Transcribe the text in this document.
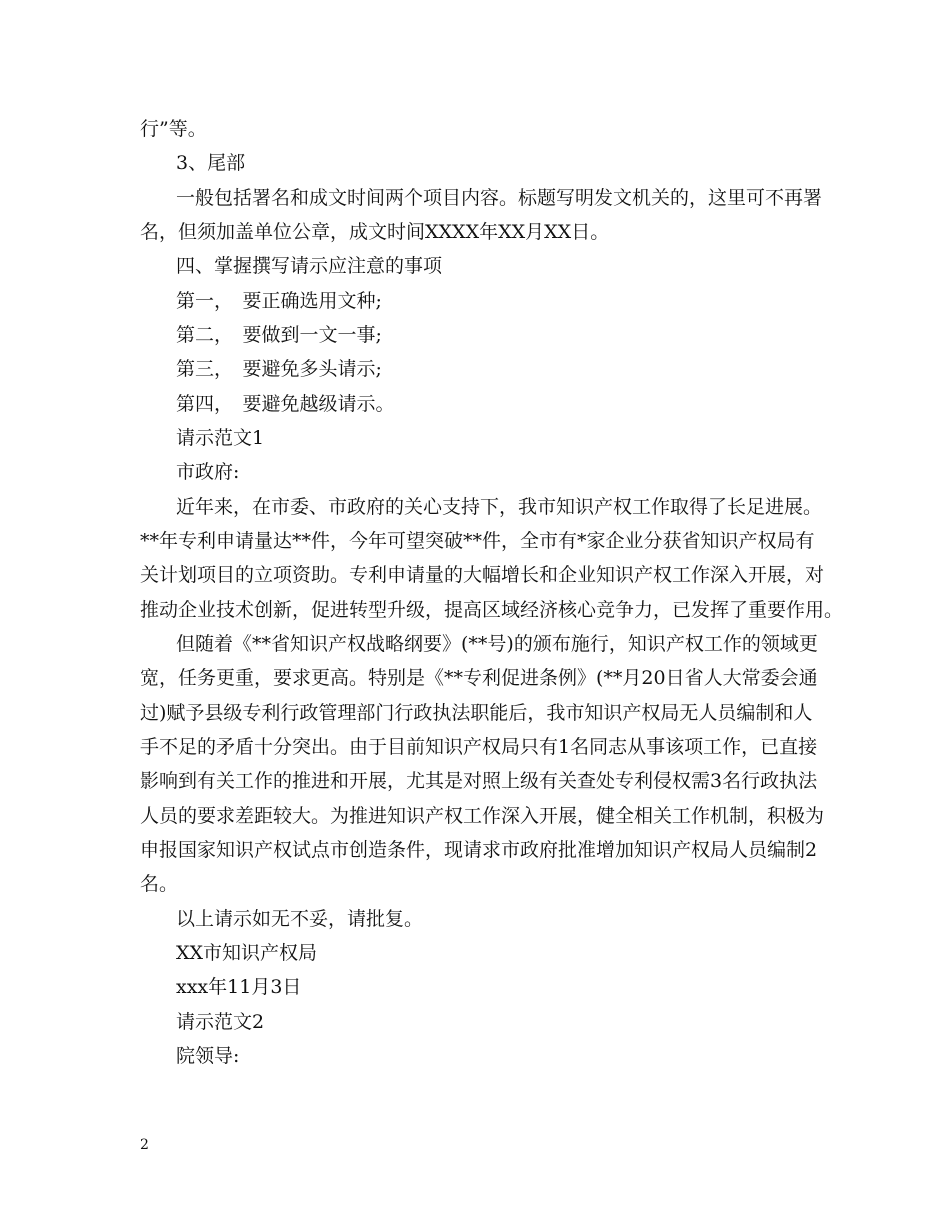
行”等。
3、尾部
一般包括署名和成文时间两个项目内容。标题写明发文机关的，这里可不再署
名，但须加盖单位公章，成文时间XXXX年XX月XX日。
四、掌握撰写请示应注意的事项
第一，　要正确选用文种;
第二，　要做到一文一事;
第三，　要避免多头请示;
第四，　要避免越级请示。
请示范文1
市政府:
近年来，在市委、市政府的关心支持下，我市知识产权工作取得了长足进展。
**年专利申请量达**件，今年可望突破**件，全市有*家企业分获省知识产权局有
关计划项目的立项资助。专利申请量的大幅增长和企业知识产权工作深入开展，对
推动企业技术创新，促进转型升级，提高区域经济核心竞争力，已发挥了重要作用。
但随着《**省知识产权战略纲要》(**号)的颁布施行，知识产权工作的领域更
宽，任务更重，要求更高。特别是《**专利促进条例》(**月20日省人大常委会通
过)赋予县级专利行政管理部门行政执法职能后，我市知识产权局无人员编制和人
手不足的矛盾十分突出。由于目前知识产权局只有1名同志从事该项工作，已直接
影响到有关工作的推进和开展，尤其是对照上级有关查处专利侵权需3名行政执法
人员的要求差距较大。为推进知识产权工作深入开展，健全相关工作机制，积极为
申报国家知识产权试点市创造条件，现请求市政府批准增加知识产权局人员编制2
名。
以上请示如无不妥，请批复。
XX市知识产权局
xxx年11月3日
请示范文2
院领导:
2
